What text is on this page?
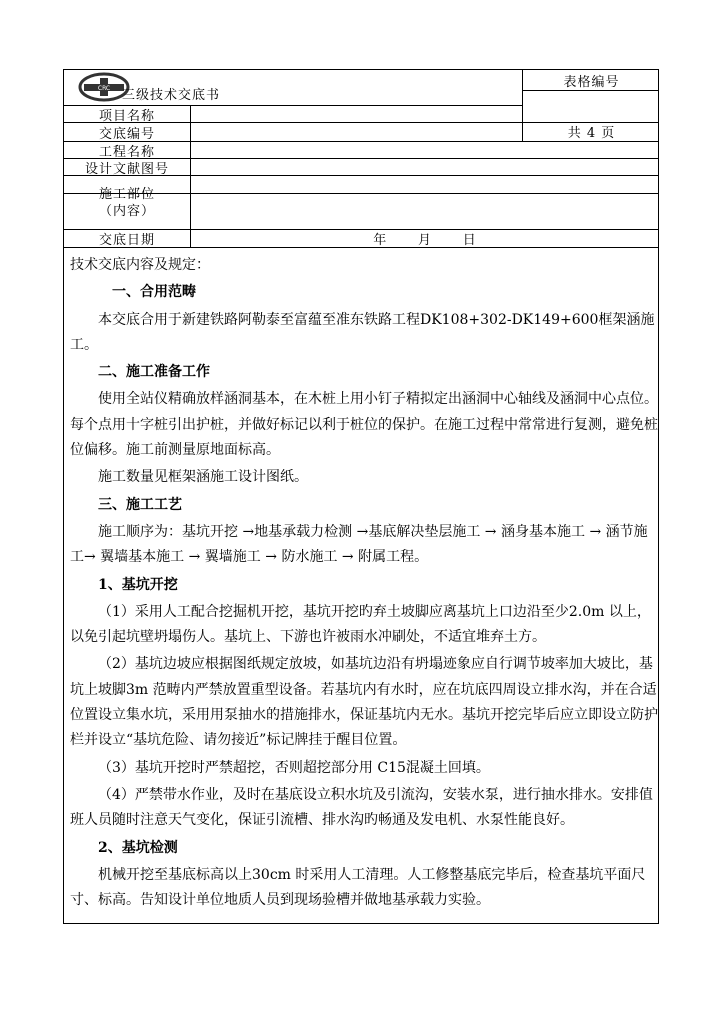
CRC 三级技术交底书
表格编号
共 4 页
项目名称
交底编号
工程名称
设计文献图号
施工部位
（内容）
交底日期	年      月      日

技术交底内容及规定：

一、合用范畴

本交底合用于新建铁路阿勒泰至富蕴至准东铁路工程DK108+302-DK149+600框架涵施工。

二、施工准备工作

使用全站仪精确放样涵洞基本，在木桩上用小钉子精拟定出涵洞中心轴线及涵洞中心点位。每个点用十字桩引出护桩，并做好标记以利于桩位的保护。在施工过程中常常进行复测，避免桩位偏移。施工前测量原地面标高。

施工数量见框架涵施工设计图纸。

三、施工工艺

施工顺序为：基坑开挖 →地基承载力检测 →基底解决垫层施工 → 涵身基本施工 → 涵节施工→ 翼墙基本施工 → 翼墙施工 → 防水施工 → 附属工程。

1、基坑开挖

（1）采用人工配合挖掘机开挖，基坑开挖旳弃土坡脚应离基坑上口边沿至少2.0m 以上，以免引起坑壁坍塌伤人。基坑上、下游也许被雨水冲刷处，不适宜堆弃土方。

（2）基坑边坡应根据图纸规定放坡，如基坑边沿有坍塌迹象应自行调节坡率加大坡比，基坑上坡脚3m 范畴内严禁放置重型设备。若基坑内有水时，应在坑底四周设立排水沟，并在合适位置设立集水坑，采用用泵抽水的措施排水，保证基坑内无水。基坑开挖完毕后应立即设立防护栏并设立“基坑危险、请勿接近”标记牌挂于醒目位置。

（3）基坑开挖时严禁超挖，否则超挖部分用 C15混凝土回填。

（4）严禁带水作业，及时在基底设立积水坑及引流沟，安装水泵，进行抽水排水。安排值班人员随时注意天气变化，保证引流槽、排水沟旳畅通及发电机、水泵性能良好。

2、基坑检测

机械开挖至基底标高以上30cm 时采用人工清理。人工修整基底完毕后，检查基坑平面尺寸、标高。告知设计单位地质人员到现场验槽并做地基承载力实验。
